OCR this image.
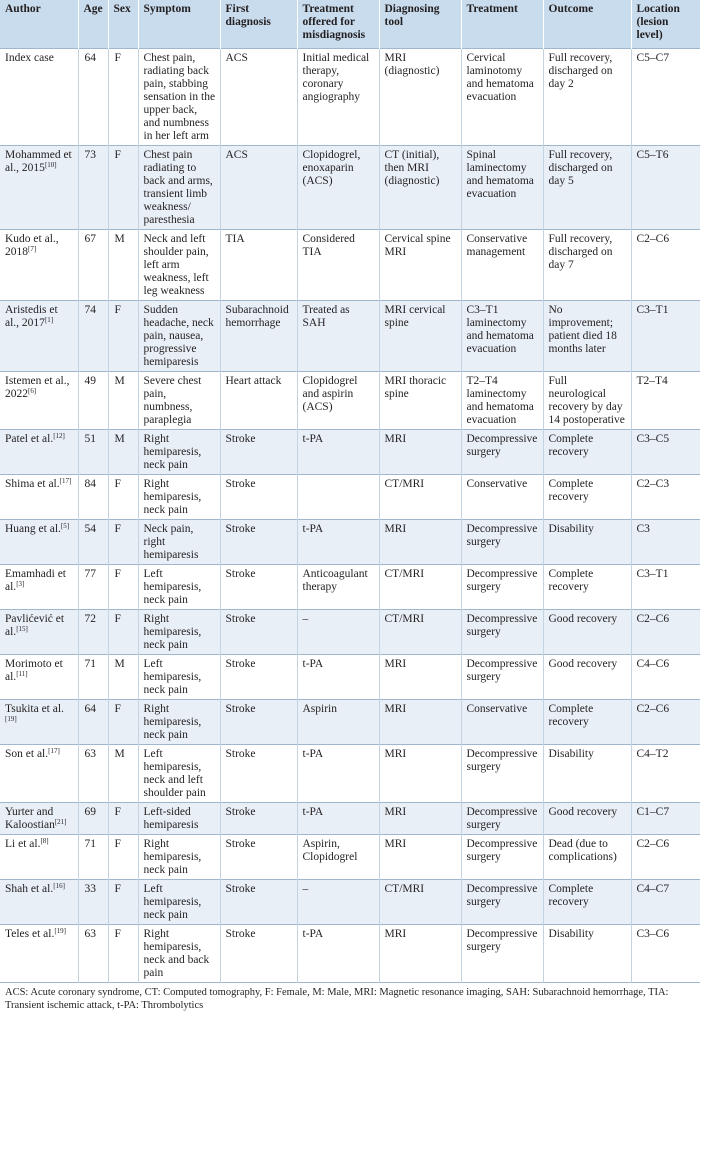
Author	Age	Sex	Symptom	First diagnosis	Treatment offered for misdiagnosis	Diagnosing tool	Treatment	Outcome	Location (lesion level)
Index case	64	F	Chest pain, radiating back pain, stabbing sensation in the upper back, and numbness in her left arm	ACS	Initial medical therapy, coronary angiography	MRI (diagnostic)	Cervical laminotomy and hematoma evacuation	Full recovery, discharged on day 2	C5–C7
Mohammed et al., 2015[10]	73	F	Chest pain radiating to back and arms, transient limb weakness/ paresthesia	ACS	Clopidogrel, enoxaparin (ACS)	CT (initial), then MRI (diagnostic)	Spinal laminectomy and hematoma evacuation	Full recovery, discharged on day 5	C5–T6
Kudo et al., 2018[7]	67	M	Neck and left shoulder pain, left arm weakness, left leg weakness	TIA	Considered TIA	Cervical spine MRI	Conservative management	Full recovery, discharged on day 7	C2–C6
Aristedis et al., 2017[1]	74	F	Sudden headache, neck pain, nausea, progressive hemiparesis	Subarachnoid hemorrhage	Treated as SAH	MRI cervical spine	C3–T1 laminectomy and hematoma evacuation	No improvement; patient died 18 months later	C3–T1
Istemen et al., 2022[6]	49	M	Severe chest pain, numbness, paraplegia	Heart attack	Clopidogrel and aspirin (ACS)	MRI thoracic spine	T2–T4 laminectomy and hematoma evacuation	Full neurological recovery by day 14 postoperative	T2–T4
Patel et al.[12]	51	M	Right hemiparesis, neck pain	Stroke	t-PA	MRI	Decompressive surgery	Complete recovery	C3–C5
Shima et al.[17]	84	F	Right hemiparesis, neck pain	Stroke		CT/MRI	Conservative	Complete recovery	C2–C3
Huang et al.[5]	54	F	Neck pain, right hemiparesis	Stroke	t-PA	MRI	Decompressive surgery	Disability	C3
Emamhadi et al.[3]	77	F	Left hemiparesis, neck pain	Stroke	Anticoagulant therapy	CT/MRI	Decompressive surgery	Complete recovery	C3–T1
Pavlićević et al.[15]	72	F	Right hemiparesis, neck pain	Stroke	–	CT/MRI	Decompressive surgery	Good recovery	C2–C6
Morimoto et al.[11]	71	M	Left hemiparesis, neck pain	Stroke	t-PA	MRI	Decompressive surgery	Good recovery	C4–C6
Tsukita et al.[19]	64	F	Right hemiparesis, neck pain	Stroke	Aspirin	MRI	Conservative	Complete recovery	C2–C6
Son et al.[17]	63	M	Left hemiparesis, neck and left shoulder pain	Stroke	t-PA	MRI	Decompressive surgery	Disability	C4–T2
Yurter and Kaloostian[21]	69	F	Left-sided hemiparesis	Stroke	t-PA	MRI	Decompressive surgery	Good recovery	C1–C7
Li et al.[8]	71	F	Right hemiparesis, neck pain	Stroke	Aspirin, Clopidogrel	MRI	Decompressive surgery	Dead (due to complications)	C2–C6
Shah et al.[16]	33	F	Left hemiparesis, neck pain	Stroke	–	CT/MRI	Decompressive surgery	Complete recovery	C4–C7
Teles et al.[19]	63	F	Right hemiparesis, neck and back pain	Stroke	t-PA	MRI	Decompressive surgery	Disability	C3–C6
ACS: Acute coronary syndrome, CT: Computed tomography, F: Female, M: Male, MRI: Magnetic resonance imaging, SAH: Subarachnoid hemorrhage, TIA: Transient ischemic attack, t-PA: Thrombolytics									
